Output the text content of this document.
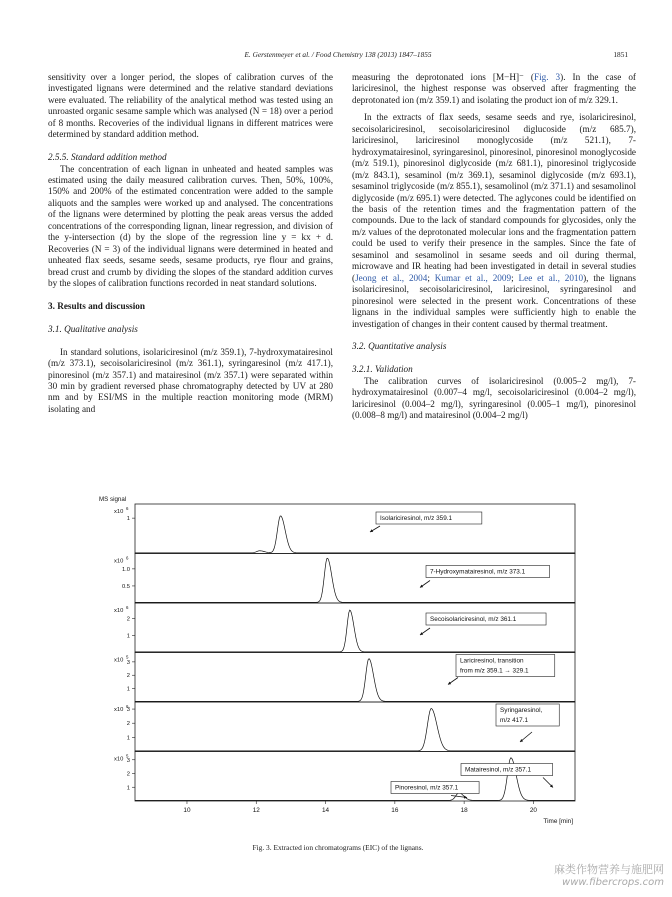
E. Gerstenmeyer et al. / Food Chemistry 138 (2013) 1847–1855	1851

sensitivity over a longer period, the slopes of calibration curves of the investigated lignans were determined and the relative standard deviations were evaluated. The reliability of the analytical method was tested using an unroasted organic sesame sample which was analysed (N = 18) over a period of 8 months. Recoveries of the individual lignans in different matrices were determined by standard addition method.

2.5.5. Standard addition method

The concentration of each lignan in unheated and heated samples was estimated using the daily measured calibration curves. Then, 50%, 100%, 150% and 200% of the estimated concentration were added to the sample aliquots and the samples were worked up and analysed. The concentrations of the lignans were determined by plotting the peak areas versus the added concentrations of the corresponding lignan, linear regression, and division of the y-intersection (d) by the slope of the regression line y = kx + d. Recoveries (N = 3) of the individual lignans were determined in heated and unheated flax seeds, sesame seeds, sesame products, rye flour and grains, bread crust and crumb by dividing the slopes of the standard addition curves by the slopes of calibration functions recorded in neat standard solutions.

3. Results and discussion

3.1. Qualitative analysis

In standard solutions, isolariciresinol (m/z 359.1), 7-hydroxymatairesinol (m/z 373.1), secoisolariciresinol (m/z 361.1), syringaresinol (m/z 417.1), pinoresinol (m/z 357.1) and matairesinol (m/z 357.1) were separated within 30 min by gradient reversed phase chromatography detected by UV at 280 nm and by ESI/MS in the multiple reaction monitoring mode (MRM) isolating and

measuring the deprotonated ions [M−H]⁻ (Fig. 3). In the case of lariciresinol, the highest response was observed after fragmenting the deprotonated ion (m/z 359.1) and isolating the product ion of m/z 329.1.

In the extracts of flax seeds, sesame seeds and rye, isolariciresinol, secoisolariciresinol, secoisolariciresinol diglucoside (m/z 685.7), lariciresinol, lariciresinol monoglycoside (m/z 521.1), 7-hydroxymatairesinol, syringaresinol, pinoresinol, pinoresinol monoglycoside (m/z 519.1), pinoresinol diglycoside (m/z 681.1), pinoresinol triglycoside (m/z 843.1), sesaminol (m/z 369.1), sesaminol diglycoside (m/z 693.1), sesaminol triglycoside (m/z 855.1), sesamolinol (m/z 371.1) and sesamolinol diglycoside (m/z 695.1) were detected. The aglycones could be identified on the basis of the retention times and the fragmentation pattern of the compounds. Due to the lack of standard compounds for glycosides, only the m/z values of the deprotonated molecular ions and the fragmentation pattern could be used to verify their presence in the samples. Since the fate of sesaminol and sesamolinol in sesame seeds and oil during thermal, microwave and IR heating had been investigated in detail in several studies (Jeong et al., 2004; Kumar et al., 2009; Lee et al., 2010), the lignans isolariciresinol, secoisolariciresinol, lariciresinol, syringaresinol and pinoresinol were selected in the present work. Concentrations of these lignans in the individual samples were sufficiently high to enable the investigation of changes in their content caused by thermal treatment.

3.2. Quantitative analysis

3.2.1. Validation

The calibration curves of isolariciresinol (0.005–2 mg/l), 7-hydroxymatairesinol (0.007–4 mg/l, secoisolariciresinol (0.004–2 mg/l), lariciresinol (0.004–2 mg/l), syringaresinol (0.005–1 mg/l), pinoresinol (0.008–8 mg/l) and matairesinol (0.004–2 mg/l)

MS signal
x10
6
1	Isolariciresinol, m/z 359.1
x10
6
1.0
0.5
7-Hydroxymatairesinol, m/z 373.1
x10
6
2
1
Secoisolariciresinol, m/z 361.1
x10
5
3
2
1
Lariciresinol, transition
from m/z 359.1 → 329.1
x10
6
3
2
1
Syringaresinol,
m/z 417.1
x10
5
3
2
1
Matairesinol, m/z 357.1
Pinoresinol, m/z 357.1
10	12	14	16	18	20
Time [min]
Fig. 3. Extracted ion chromatograms (EIC) of the lignans.
麻类作物营养与施肥网
www.fibercrops.com
